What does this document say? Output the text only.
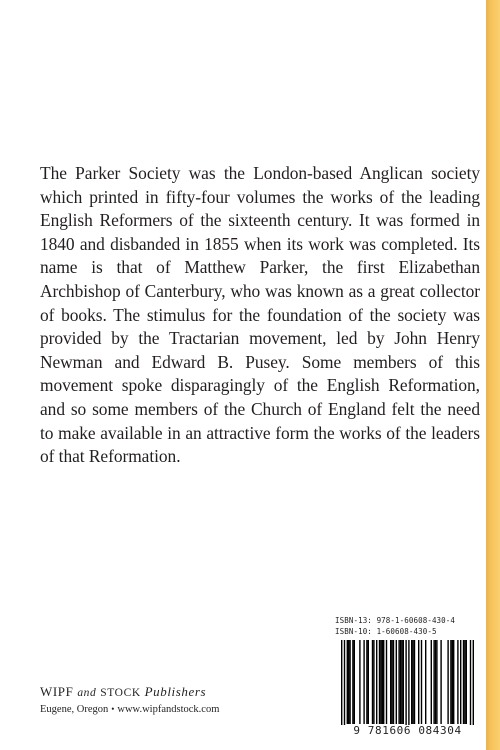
The Parker Society was the London-based Anglican society which printed in fifty-four volumes the works of the leading English Reformers of the sixteenth century. It was formed in 1840 and disbanded in 1855 when its work was completed. Its name is that of Matthew Parker, the first Elizabethan Archbishop of Canterbury, who was known as a great collector of books. The stimulus for the foundation of the society was provided by the Tractarian movement, led by John Henry Newman and Edward B. Pusey. Some members of this movement spoke disparagingly of the English Reformation, and so some members of the Church of England felt the need to make available in an attractive form the works of the leaders of that Reformation.

ISBN-13: 978-1-60608-430-4
ISBN-10: 1-60608-430-5
9 781606 084304
WIPF and STOCK Publishers
Eugene, Oregon • www.wipfandstock.com
